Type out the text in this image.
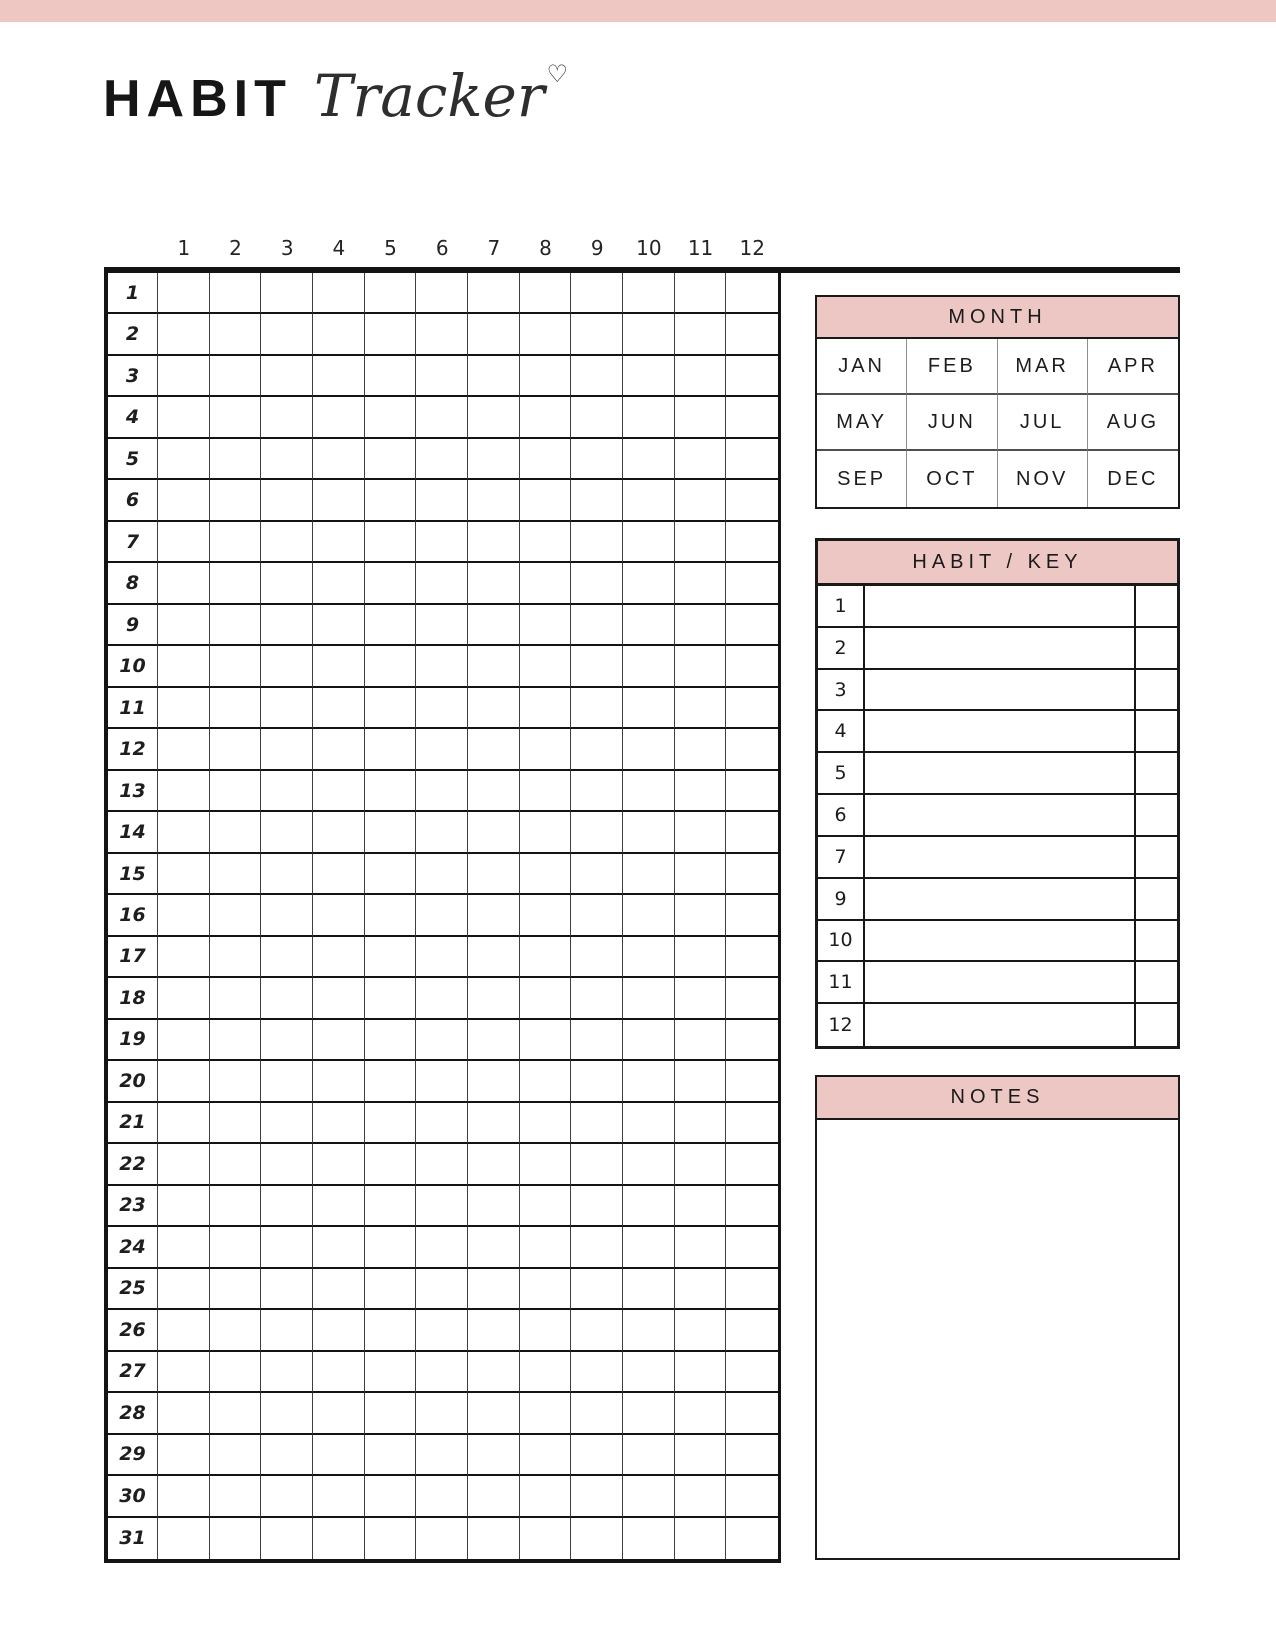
HABIT Tracker ♡
1	2	3	4	5	6	7	8	9	10	11	12
1
2
3
4
5
6
7
8
9
10
11
12
13
14
15
16
17
18
19
20
21
22
23
24
25
26
27
28
29
30
31
MONTH
JAN	FEB	MAR	APR
MAY	JUN	JUL	AUG
SEP	OCT	NOV	DEC
HABIT / KEY
1
2
3
4
5
6
7
9
10
11
12
NOTES
